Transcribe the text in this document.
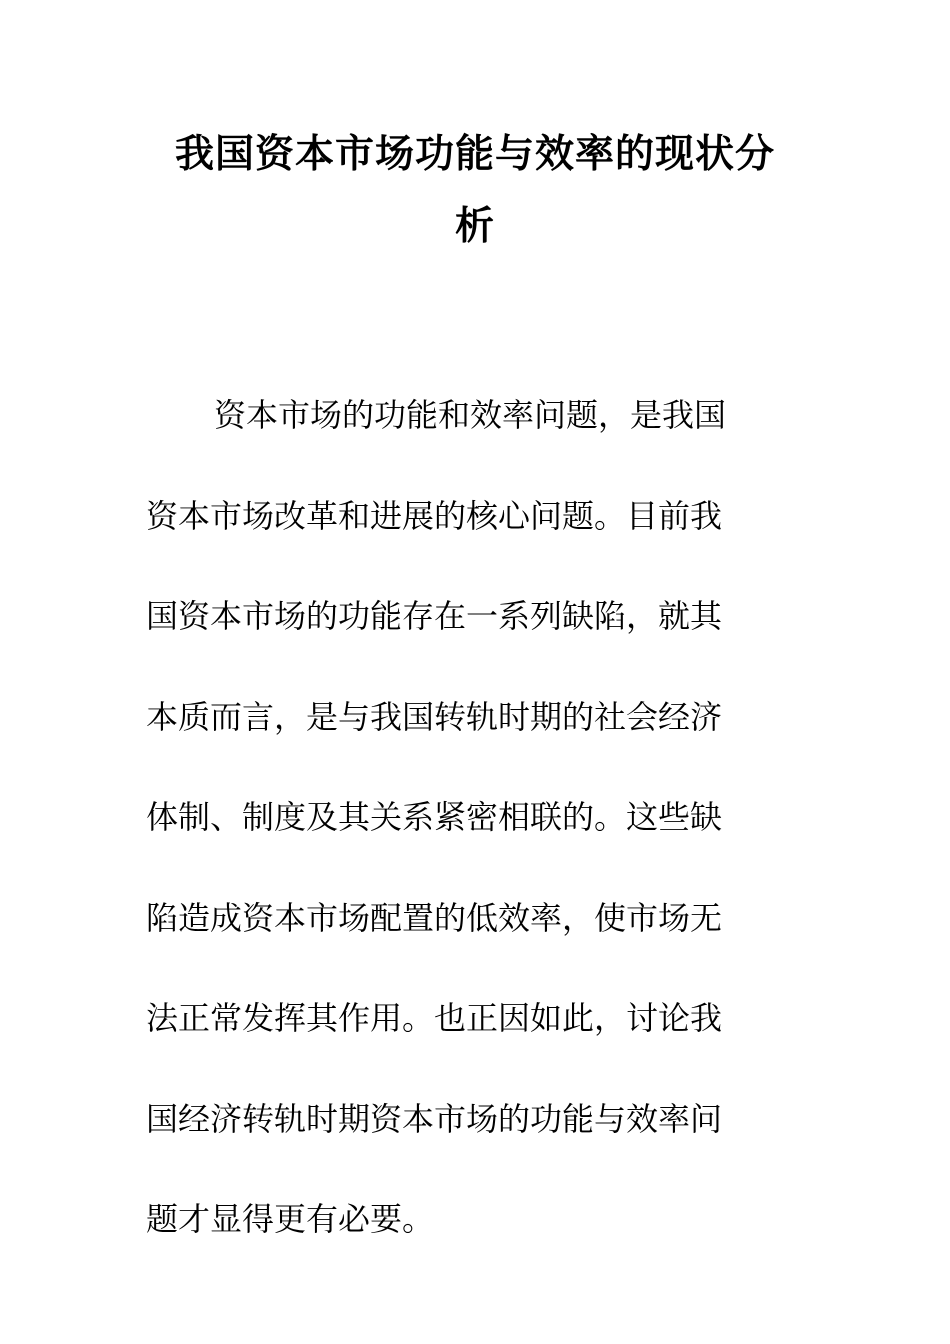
我国资本市场功能与效率的现状分
析

资本市场的功能和效率问题，是我国
资本市场改革和进展的核心问题。目前我
国资本市场的功能存在一系列缺陷，就其
本质而言，是与我国转轨时期的社会经济
体制、制度及其关系紧密相联的。这些缺
陷造成资本市场配置的低效率，使市场无
法正常发挥其作用。也正因如此，讨论我
国经济转轨时期资本市场的功能与效率问
题才显得更有必要。
